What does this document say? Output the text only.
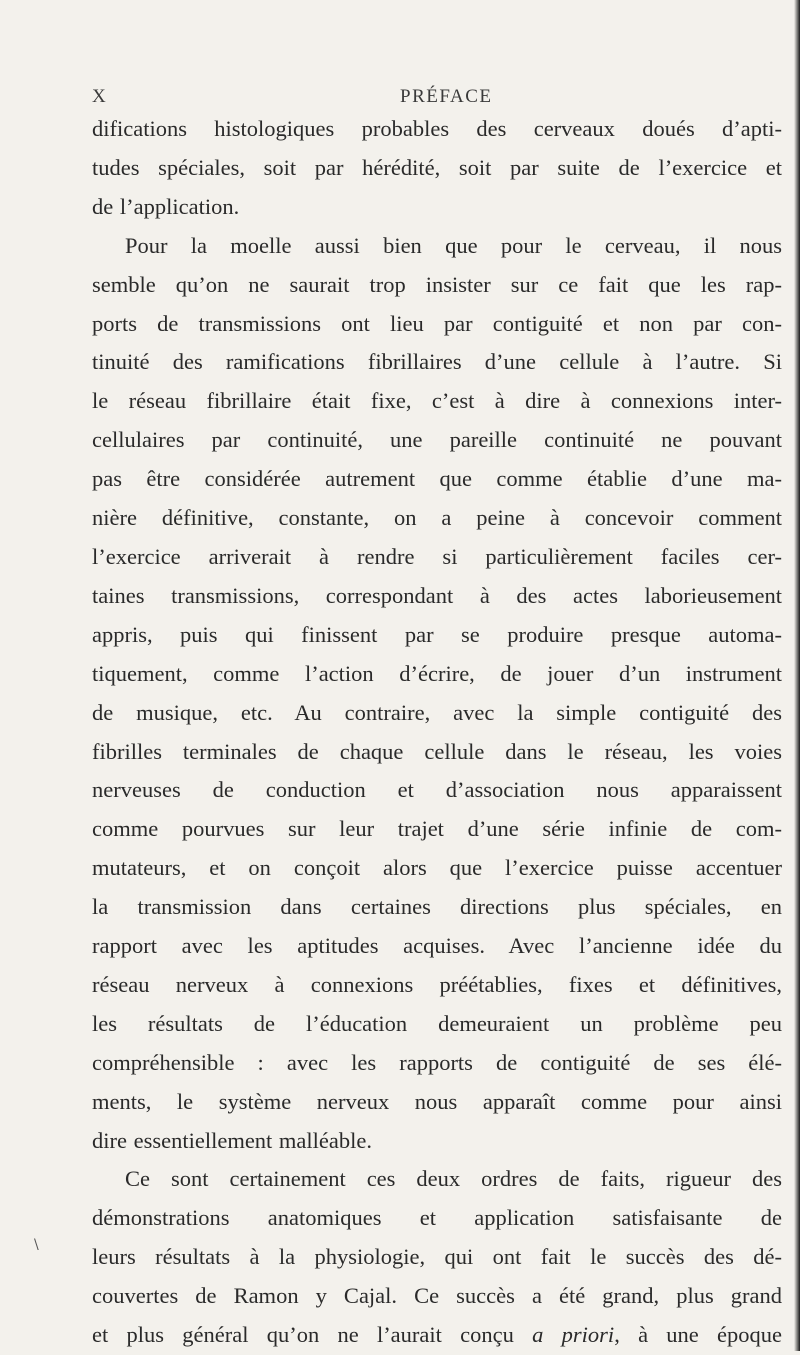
X	PRÉFACE
\

difications histologiques probables des cerveaux doués d’apti-

tudes spéciales, soit par hérédité, soit par suite de l’exercice et

de l’application.

Pour la moelle aussi bien que pour le cerveau, il nous

semble qu’on ne saurait trop insister sur ce fait que les rap-

ports de transmissions ont lieu par contiguité et non par con-

tinuité des ramifications fibrillaires d’une cellule à l’autre. Si

le réseau fibrillaire était fixe, c’est à dire à connexions inter-

cellulaires par continuité, une pareille continuité ne pouvant

pas être considérée autrement que comme établie d’une ma-

nière définitive, constante, on a peine à concevoir comment

l’exercice arriverait à rendre si particulièrement faciles cer-

taines transmissions, correspondant à des actes laborieusement

appris, puis qui finissent par se produire presque automa-

tiquement, comme l’action d’écrire, de jouer d’un instrument

de musique, etc. Au contraire, avec la simple contiguité des

fibrilles terminales de chaque cellule dans le réseau, les voies

nerveuses de conduction et d’association nous apparaissent

comme pourvues sur leur trajet d’une série infinie de com-

mutateurs, et on conçoit alors que l’exercice puisse accentuer

la transmission dans certaines directions plus spéciales, en

rapport avec les aptitudes acquises. Avec l’ancienne idée du

réseau nerveux à connexions préétablies, fixes et définitives,

les résultats de l’éducation demeuraient un problème peu

compréhensible : avec les rapports de contiguité de ses élé-

ments, le système nerveux nous apparaît comme pour ainsi

dire essentiellement malléable.

Ce sont certainement ces deux ordres de faits, rigueur des

démonstrations anatomiques et application satisfaisante de

leurs résultats à la physiologie, qui ont fait le succès des dé-

couvertes de Ramon y Cajal. Ce succès a été grand, plus grand

et plus général qu’on ne l’aurait conçu a priori, à une époque
